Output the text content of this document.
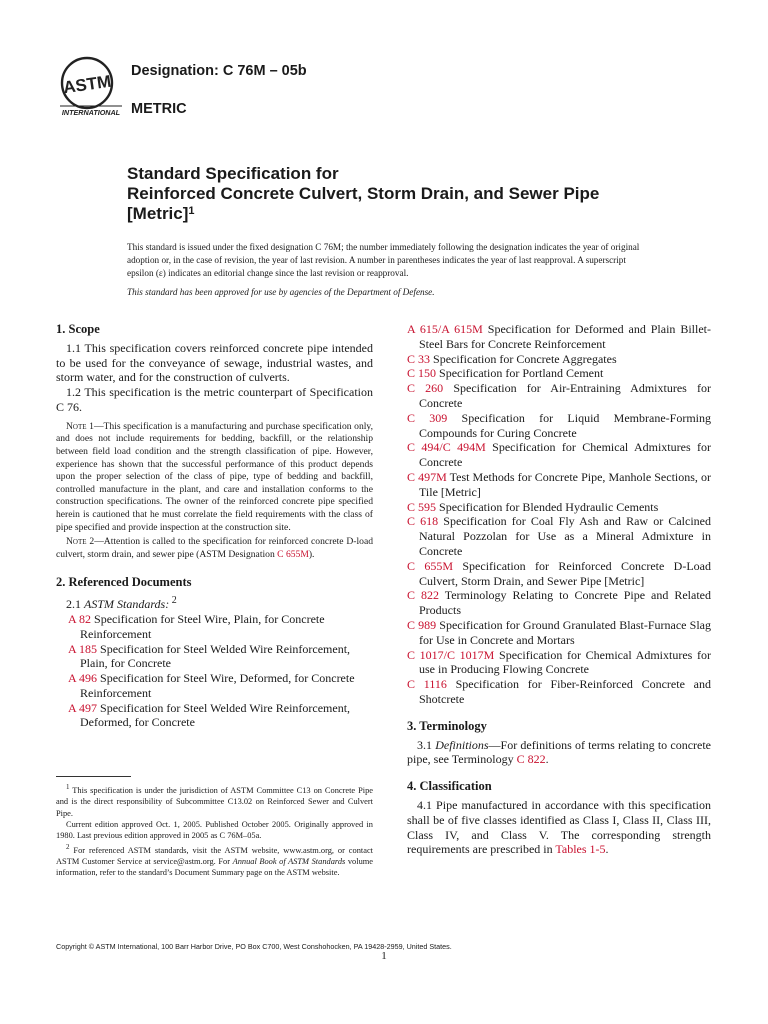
ASTM
INTERNATIONAL
Designation: C 76M – 05b
METRIC
Standard Specification for
Reinforced Concrete Culvert, Storm Drain, and Sewer Pipe
[Metric]$^1$
This standard is issued under the fixed designation C 76M; the number immediately following the designation indicates the year of original adoption or, in the case of revision, the year of last revision. A number in parentheses indicates the year of last reapproval. A superscript epsilon (ε) indicates an editorial change since the last revision or reapproval.
This standard has been approved for use by agencies of the Department of Defense.
1. Scope

1.1 This specification covers reinforced concrete pipe intended to be used for the conveyance of sewage, industrial wastes, and storm water, and for the construction of culverts.

1.2 This specification is the metric counterpart of Specification C 76.

Note 1—This specification is a manufacturing and purchase specification only, and does not include requirements for bedding, backfill, or the relationship between field load condition and the strength classification of pipe. However, experience has shown that the successful performance of this product depends upon the proper selection of the class of pipe, type of bedding and backfill, controlled manufacture in the plant, and care and installation conforms to the construction specifications. The owner of the reinforced concrete pipe specified herein is cautioned that he must correlate the field requirements with the class of pipe specified and provide inspection at the construction site.
Note 2—Attention is called to the specification for reinforced concrete D-load culvert, storm drain, and sewer pipe (ASTM Designation C 655M).
2. Referenced Documents

2.1 ASTM Standards: $^2$

A 82 Specification for Steel Wire, Plain, for Concrete Reinforcement

A 185 Specification for Steel Welded Wire Reinforcement, Plain, for Concrete

A 496 Specification for Steel Wire, Deformed, for Concrete Reinforcement

A 497 Specification for Steel Welded Wire Reinforcement, Deformed, for Concrete

A 615/A 615M Specification for Deformed and Plain Billet-Steel Bars for Concrete Reinforcement

C 33 Specification for Concrete Aggregates

C 150 Specification for Portland Cement

C 260 Specification for Air-Entraining Admixtures for Concrete

C 309 Specification for Liquid Membrane-Forming Compounds for Curing Concrete

C 494/C 494M Specification for Chemical Admixtures for Concrete

C 497M Test Methods for Concrete Pipe, Manhole Sections, or Tile [Metric]

C 595 Specification for Blended Hydraulic Cements

C 618 Specification for Coal Fly Ash and Raw or Calcined Natural Pozzolan for Use as a Mineral Admixture in Concrete

C 655M Specification for Reinforced Concrete D-Load Culvert, Storm Drain, and Sewer Pipe [Metric]

C 822 Terminology Relating to Concrete Pipe and Related Products

C 989 Specification for Ground Granulated Blast-Furnace Slag for Use in Concrete and Mortars

C 1017/C 1017M Specification for Chemical Admixtures for use in Producing Flowing Concrete

C 1116 Specification for Fiber-Reinforced Concrete and Shotcrete

3. Terminology

3.1 Definitions—For definitions of terms relating to concrete pipe, see Terminology C 822.

4. Classification

4.1 Pipe manufactured in accordance with this specification shall be of five classes identified as Class I, Class II, Class III, Class IV, and Class V. The corresponding strength requirements are prescribed in Tables 1-5.

$^1$ This specification is under the jurisdiction of ASTM Committee C13 on Concrete Pipe and is the direct responsibility of Subcommittee C13.02 on Reinforced Sewer and Culvert Pipe.

Current edition approved Oct. 1, 2005. Published October 2005. Originally approved in 1980. Last previous edition approved in 2005 as C 76M–05a.

$^2$ For referenced ASTM standards, visit the ASTM website, www.astm.org, or contact ASTM Customer Service at service@astm.org. For Annual Book of ASTM Standards volume information, refer to the standard’s Document Summary page on the ASTM website.

Copyright © ASTM International, 100 Barr Harbor Drive, PO Box C700, West Conshohocken, PA 19428-2959, United States.
1
